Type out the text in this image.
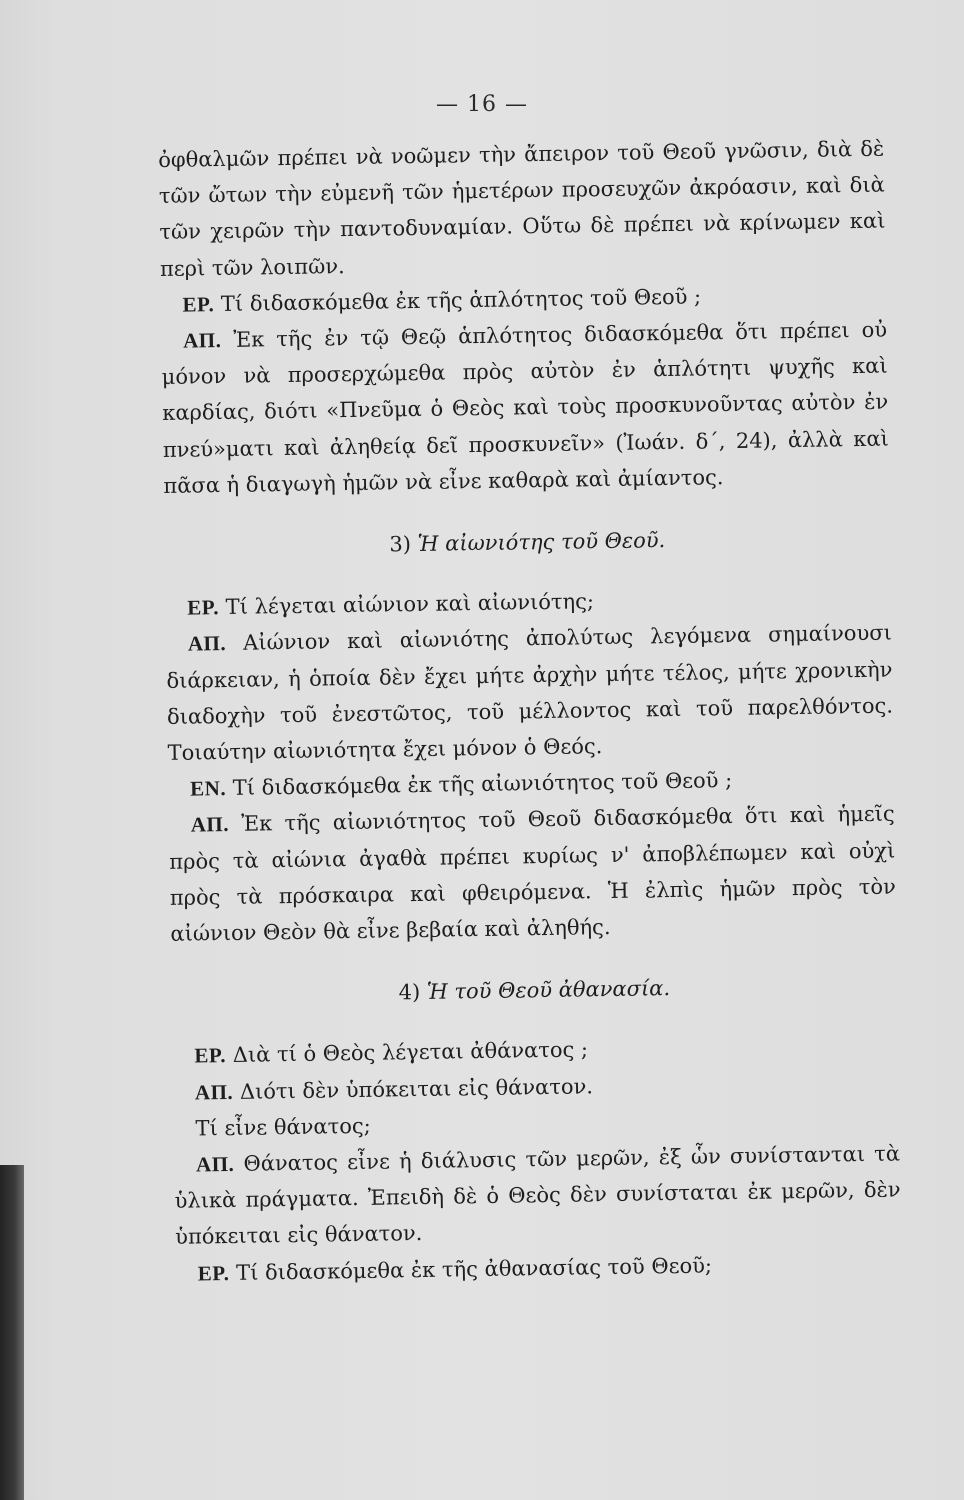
— 16 —

ὀφθαλμῶν πρέπει νὰ νοῶμεν τὴν ἄπειρον τοῦ Θεοῦ γνῶσιν, διὰ δὲ τῶν ὤτων τὴν εὐμενῆ τῶν ἡμετέρων προσευχῶν ἀκρόασιν, καὶ διὰ τῶν χειρῶν τὴν παντοδυναμίαν. Οὕτω δὲ πρέπει νὰ κρίνωμεν καὶ περὶ τῶν λοιπῶν.

ΕΡ. Τί διδασκόμεθα ἐκ τῆς ἁπλότητος τοῦ Θεοῦ ;

ΑΠ. Ἐκ τῆς ἐν τῷ Θεῷ ἁπλότητος διδασκόμεθα ὅτι πρέπει οὐ μόνον νὰ προσερχώμεθα πρὸς αὐτὸν ἐν ἁπλότητι ψυχῆς καὶ καρδίας, διότι «Πνεῦμα ὁ Θεὸς καὶ τοὺς προσκυνοῦντας αὐτὸν ἐν πνεύ»ματι καὶ ἀληθείᾳ δεῖ προσκυνεῖν» (Ἰωάν. δ΄, 24), ἀλλὰ καὶ πᾶσα ἡ διαγωγὴ ἡμῶν νὰ εἶνε καθαρὰ καὶ ἀμίαντος.

3) Ἡ αἰωνιότης τοῦ Θεοῦ.

ΕΡ. Τί λέγεται αἰώνιον καὶ αἰωνιότης;

ΑΠ. Αἰώνιον καὶ αἰωνιότης ἀπολύτως λεγόμενα σημαίνουσι διάρκειαν, ἡ ὁποία δὲν ἔχει μήτε ἀρχὴν μήτε τέλος, μήτε χρονικὴν διαδοχὴν τοῦ ἐνεστῶτος, τοῦ μέλλοντος καὶ τοῦ παρελθόντος. Τοιαύτην αἰωνιότητα ἔχει μόνον ὁ Θεός.

ΕΝ. Τί διδασκόμεθα ἐκ τῆς αἰωνιότητος τοῦ Θεοῦ ;

ΑΠ. Ἐκ τῆς αἰωνιότητος τοῦ Θεοῦ διδασκόμεθα ὅτι καὶ ἡμεῖς πρὸς τὰ αἰώνια ἀγαθὰ πρέπει κυρίως ν' ἀποβλέπωμεν καὶ οὐχὶ πρὸς τὰ πρόσκαιρα καὶ φθειρόμενα. Ἡ ἐλπὶς ἡμῶν πρὸς τὸν αἰώνιον Θεὸν θὰ εἶνε βεβαία καὶ ἀληθής.

4) Ἡ τοῦ Θεοῦ ἀθανασία.

ΕΡ. Διὰ τί ὁ Θεὸς λέγεται ἀθάνατος ;

ΑΠ. Διότι δὲν ὑπόκειται εἰς θάνατον.

Τί εἶνε θάνατος;

ΑΠ. Θάνατος εἶνε ἡ διάλυσις τῶν μερῶν, ἐξ ὧν συνίστανται τὰ ὑλικὰ πράγματα. Ἐπειδὴ δὲ ὁ Θεὸς δὲν συνίσταται ἐκ μερῶν, δὲν ὑπόκειται εἰς θάνατον.

ΕΡ. Τί διδασκόμεθα ἐκ τῆς ἀθανασίας τοῦ Θεοῦ;
